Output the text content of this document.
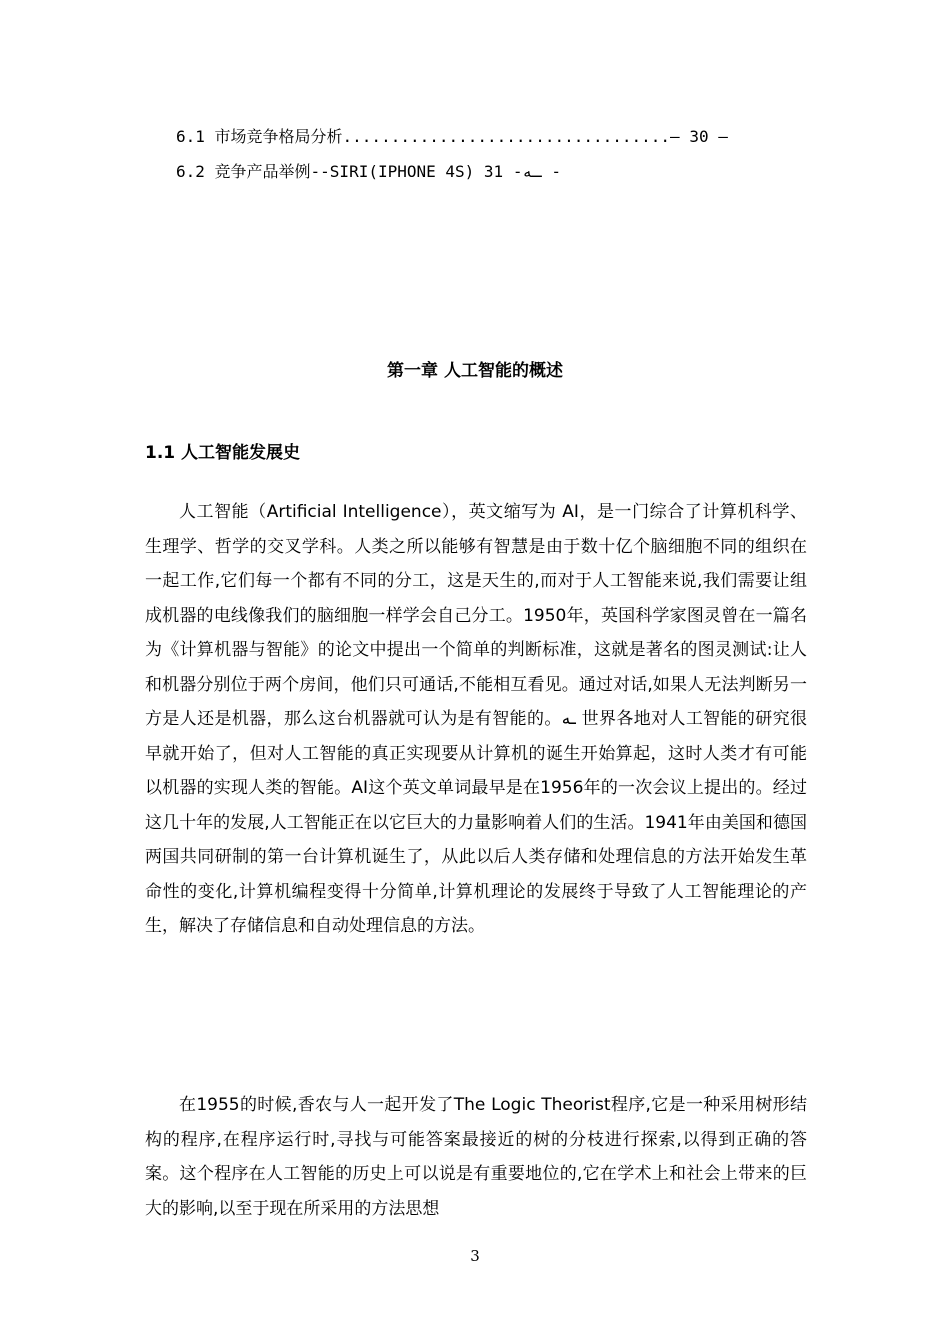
6.1 市场竞争格局分析..................................— 30 —
6.2 竞争产品举例--SIRI(IPHONE 4S) 31 -ـه -
第一章 人工智能的概述
1.1 人工智能发展史

人工智能（Artificial Intelligence），英文缩写为 AI，是一门综合了计算机科学、生理学、哲学的交叉学科。人类之所以能够有智慧是由于数十亿个脑细胞不同的组织在一起工作,它们每一个都有不同的分工，这是天生的,而对于人工智能来说,我们需要让组成机器的电线像我们的脑细胞一样学会自己分工。1950年，英国科学家图灵曾在一篇名为《计算机器与智能》的论文中提出一个简单的判断标准，这就是著名的图灵测试:让人和机器分别位于两个房间，他们只可通话,不能相互看见。通过对话,如果人无法判断另一方是人还是机器，那么这台机器就可认为是有智能的。ـه 世界各地对人工智能的研究很早就开始了，但对人工智能的真正实现要从计算机的诞生开始算起，这时人类才有可能以机器的实现人类的智能。AI这个英文单词最早是在1956年的一次会议上提出的。经过这几十年的发展,人工智能正在以它巨大的力量影响着人们的生活。1941年由美国和德国两国共同研制的第一台计算机诞生了，从此以后人类存储和处理信息的方法开始发生革命性的变化,计算机编程变得十分简单,计算机理论的发展终于导致了人工智能理论的产生，解决了存储信息和自动处理信息的方法。

在1955的时候,香农与人一起开发了The Logic Theorist程序,它是一种采用树形结构的程序,在程序运行时,寻找与可能答案最接近的树的分枝进行探索,以得到正确的答案。这个程序在人工智能的历史上可以说是有重要地位的,它在学术上和社会上带来的巨大的影响,以至于现在所采用的方法思想

3
